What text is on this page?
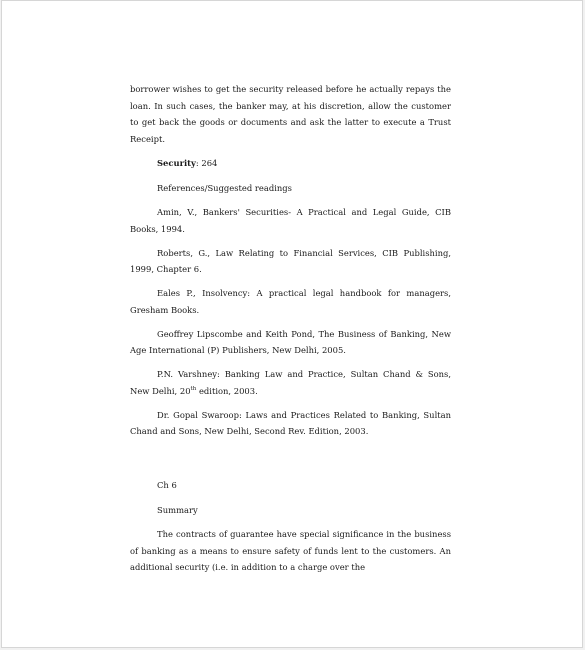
borrower wishes to get the security released before he actually repays the loan. In such cases, the banker may, at his discretion, allow the customer to get back the goods or documents and ask the latter to execute a Trust Receipt.

Security: 264

References/Suggested readings

Amin, V., Bankers' Securities- A Practical and Legal Guide, CIB Books, 1994.

Roberts, G., Law Relating to Financial Services, CIB Publishing, 1999, Chapter 6.

Eales P., Insolvency: A practical legal handbook for managers, Gresham Books.

Geoffrey Lipscombe and Keith Pond, The Business of Banking, New Age International (P) Publishers, New Delhi, 2005.

P.N. Varshney: Banking Law and Practice, Sultan Chand & Sons, New Delhi, 20th edition, 2003.

Dr. Gopal Swaroop: Laws and Practices Related to Banking, Sultan Chand and Sons, New Delhi, Second Rev. Edition, 2003.

Ch 6

Summary

The contracts of guarantee have special significance in the business of banking as a means to ensure safety of funds lent to the customers. An additional security (i.e. in addition to a charge over the
